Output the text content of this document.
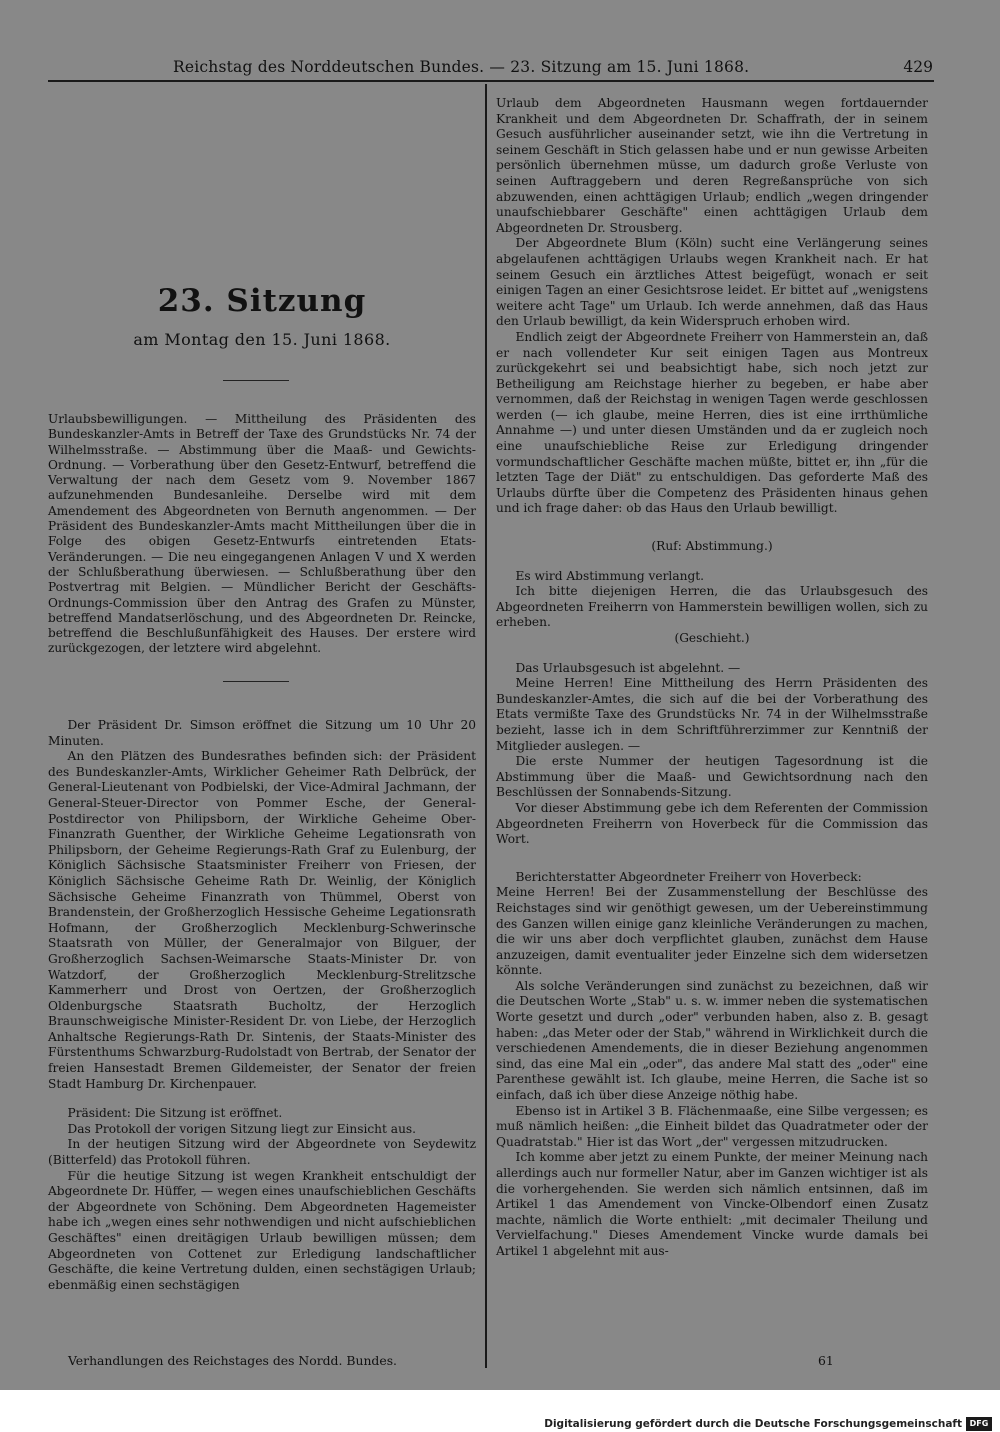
Reichstag des Norddeutschen Bundes. — 23. Sitzung am 15. Juni 1868.	429
23. Sitzung
am Montag den 15. Juni 1868.
Urlaubsbewilligungen. — Mittheilung des Präsidenten des Bundeskanzler-Amts in Betreff der Taxe des Grundstücks Nr. 74 der Wilhelmsstraße. — Abstimmung über die Maaß- und Gewichts-Ordnung. — Vorberathung über den Gesetz-Entwurf, betreffend die Verwaltung der nach dem Gesetz vom 9. November 1867 aufzunehmenden Bundesanleihe. Derselbe wird mit dem Amendement des Abgeordneten von Bernuth angenommen. — Der Präsident des Bundeskanzler-Amts macht Mittheilungen über die in Folge des obigen Gesetz-Entwurfs eintretenden Etats-Veränderungen. — Die neu eingegangenen Anlagen V und X werden der Schlußberathung überwiesen. — Schlußberathung über den Postvertrag mit Belgien. — Mündlicher Bericht der Geschäfts-Ordnungs-Commission über den Antrag des Grafen zu Münster, betreffend Mandatserlöschung, und des Abgeordneten Dr. Reincke, betreffend die Beschlußunfähigkeit des Hauses. Der erstere wird zurückgezogen, der letztere wird abgelehnt.

Der Präsident Dr. Simson eröffnet die Sitzung um 10 Uhr 20 Minuten.

An den Plätzen des Bundesrathes befinden sich: der Präsident des Bundeskanzler-Amts, Wirklicher Geheimer Rath Delbrück, der General-Lieutenant von Podbielski, der Vice-Admiral Jachmann, der General-Steuer-Director von Pommer Esche, der General-Postdirector von Philipsborn, der Wirkliche Geheime Ober-Finanzrath Guenther, der Wirkliche Geheime Legationsrath von Philipsborn, der Geheime Regierungs-Rath Graf zu Eulenburg, der Königlich Sächsische Staatsminister Freiherr von Friesen, der Königlich Sächsische Geheime Rath Dr. Weinlig, der Königlich Sächsische Geheime Finanzrath von Thümmel, Oberst von Brandenstein, der Großherzoglich Hessische Geheime Legationsrath Hofmann, der Großherzoglich Mecklenburg-Schwerinsche Staatsrath von Müller, der Generalmajor von Bilguer, der Großherzoglich Sachsen-Weimarsche Staats-Minister Dr. von Watzdorf, der Großherzoglich Mecklenburg-Strelitzsche Kammerherr und Drost von Oertzen, der Großherzoglich Oldenburgsche Staatsrath Bucholtz, der Herzoglich Braunschweigische Minister-Resident Dr. von Liebe, der Herzoglich Anhaltsche Regierungs-Rath Dr. Sintenis, der Staats-Minister des Fürstenthums Schwarzburg-Rudolstadt von Bertrab, der Senator der freien Hansestadt Bremen Gildemeister, der Senator der freien Stadt Hamburg Dr. Kirchenpauer.

Präsident: Die Sitzung ist eröffnet.

Das Protokoll der vorigen Sitzung liegt zur Einsicht aus.

In der heutigen Sitzung wird der Abgeordnete von Seydewitz (Bitterfeld) das Protokoll führen.

Für die heutige Sitzung ist wegen Krankheit entschuldigt der Abgeordnete Dr. Hüffer, — wegen eines unaufschieblichen Geschäfts der Abgeordnete von Schöning. Dem Abgeordneten Hagemeister habe ich „wegen eines sehr nothwendigen und nicht aufschieblichen Geschäftes" einen dreitägigen Urlaub bewilligen müssen; dem Abgeordneten von Cottenet zur Erledigung landschaftlicher Geschäfte, die keine Vertretung dulden, einen sechstägigen Urlaub; ebenmäßig einen sechstägigen

Verhandlungen des Reichstages des Nordd. Bundes.	61

Urlaub dem Abgeordneten Hausmann wegen fortdauernder Krankheit und dem Abgeordneten Dr. Schaffrath, der in seinem Gesuch ausführlicher auseinander setzt, wie ihn die Vertretung in seinem Geschäft in Stich gelassen habe und er nun gewisse Arbeiten persönlich übernehmen müsse, um dadurch große Verluste von seinen Auftraggebern und deren Regreßansprüche von sich abzuwenden, einen achttägigen Urlaub; endlich „wegen dringender unaufschiebbarer Geschäfte" einen achttägigen Urlaub dem Abgeordneten Dr. Strousberg.

Der Abgeordnete Blum (Köln) sucht eine Verlängerung seines abgelaufenen achttägigen Urlaubs wegen Krankheit nach. Er hat seinem Gesuch ein ärztliches Attest beigefügt, wonach er seit einigen Tagen an einer Gesichtsrose leidet. Er bittet auf „wenigstens weitere acht Tage" um Urlaub. Ich werde annehmen, daß das Haus den Urlaub bewilligt, da kein Widerspruch erhoben wird.

Endlich zeigt der Abgeordnete Freiherr von Hammerstein an, daß er nach vollendeter Kur seit einigen Tagen aus Montreux zurückgekehrt sei und beabsichtigt habe, sich noch jetzt zur Betheiligung am Reichstage hierher zu begeben, er habe aber vernommen, daß der Reichstag in wenigen Tagen werde geschlossen werden (— ich glaube, meine Herren, dies ist eine irrthümliche Annahme —) und unter diesen Umständen und da er zugleich noch eine unaufschiebliche Reise zur Erledigung dringender vormundschaftlicher Geschäfte machen müßte, bittet er, ihn „für die letzten Tage der Diät" zu entschuldigen. Das geforderte Maß des Urlaubs dürfte über die Competenz des Präsidenten hinaus gehen und ich frage daher: ob das Haus den Urlaub bewilligt.

(Ruf: Abstimmung.)

Es wird Abstimmung verlangt.

Ich bitte diejenigen Herren, die das Urlaubsgesuch des Abgeordneten Freiherrn von Hammerstein bewilligen wollen, sich zu erheben.

(Geschieht.)

Das Urlaubsgesuch ist abgelehnt. —

Meine Herren! Eine Mittheilung des Herrn Präsidenten des Bundeskanzler-Amtes, die sich auf die bei der Vorberathung des Etats vermißte Taxe des Grundstücks Nr. 74 in der Wilhelmsstraße bezieht, lasse ich in dem Schriftführerzimmer zur Kenntniß der Mitglieder auslegen. —

Die erste Nummer der heutigen Tagesordnung ist die Abstimmung über die Maaß- und Gewichtsordnung nach den Beschlüssen der Sonnabends-Sitzung.

Vor dieser Abstimmung gebe ich dem Referenten der Commission Abgeordneten Freiherrn von Hoverbeck für die Commission das Wort.

Berichterstatter Abgeordneter Freiherr von Hoverbeck:

Meine Herren! Bei der Zusammenstellung der Beschlüsse des Reichstages sind wir genöthigt gewesen, um der Uebereinstimmung des Ganzen willen einige ganz kleinliche Veränderungen zu machen, die wir uns aber doch verpflichtet glauben, zunächst dem Hause anzuzeigen, damit eventualiter jeder Einzelne sich dem widersetzen könnte.

Als solche Veränderungen sind zunächst zu bezeichnen, daß wir die Deutschen Worte „Stab" u. s. w. immer neben die systematischen Worte gesetzt und durch „oder" verbunden haben, also z. B. gesagt haben: „das Meter oder der Stab," während in Wirklichkeit durch die verschiedenen Amendements, die in dieser Beziehung angenommen sind, das eine Mal ein „oder", das andere Mal statt des „oder" eine Parenthese gewählt ist. Ich glaube, meine Herren, die Sache ist so einfach, daß ich über diese Anzeige nöthig habe.

Ebenso ist in Artikel 3 B. Flächenmaaße, eine Silbe vergessen; es muß nämlich heißen: „die Einheit bildet das Quadratmeter oder der Quadratstab." Hier ist das Wort „der" vergessen mitzudrucken.

Ich komme aber jetzt zu einem Punkte, der meiner Meinung nach allerdings auch nur formeller Natur, aber im Ganzen wichtiger ist als die vorhergehenden. Sie werden sich nämlich entsinnen, daß im Artikel 1 das Amendement von Vincke-Olbendorf einen Zusatz machte, nämlich die Worte enthielt: „mit decimaler Theilung und Vervielfachung." Dieses Amendement Vincke wurde damals bei Artikel 1 abgelehnt mit aus-

Digitalisierung gefördert durch die Deutsche Forschungsgemeinschaft DFG
